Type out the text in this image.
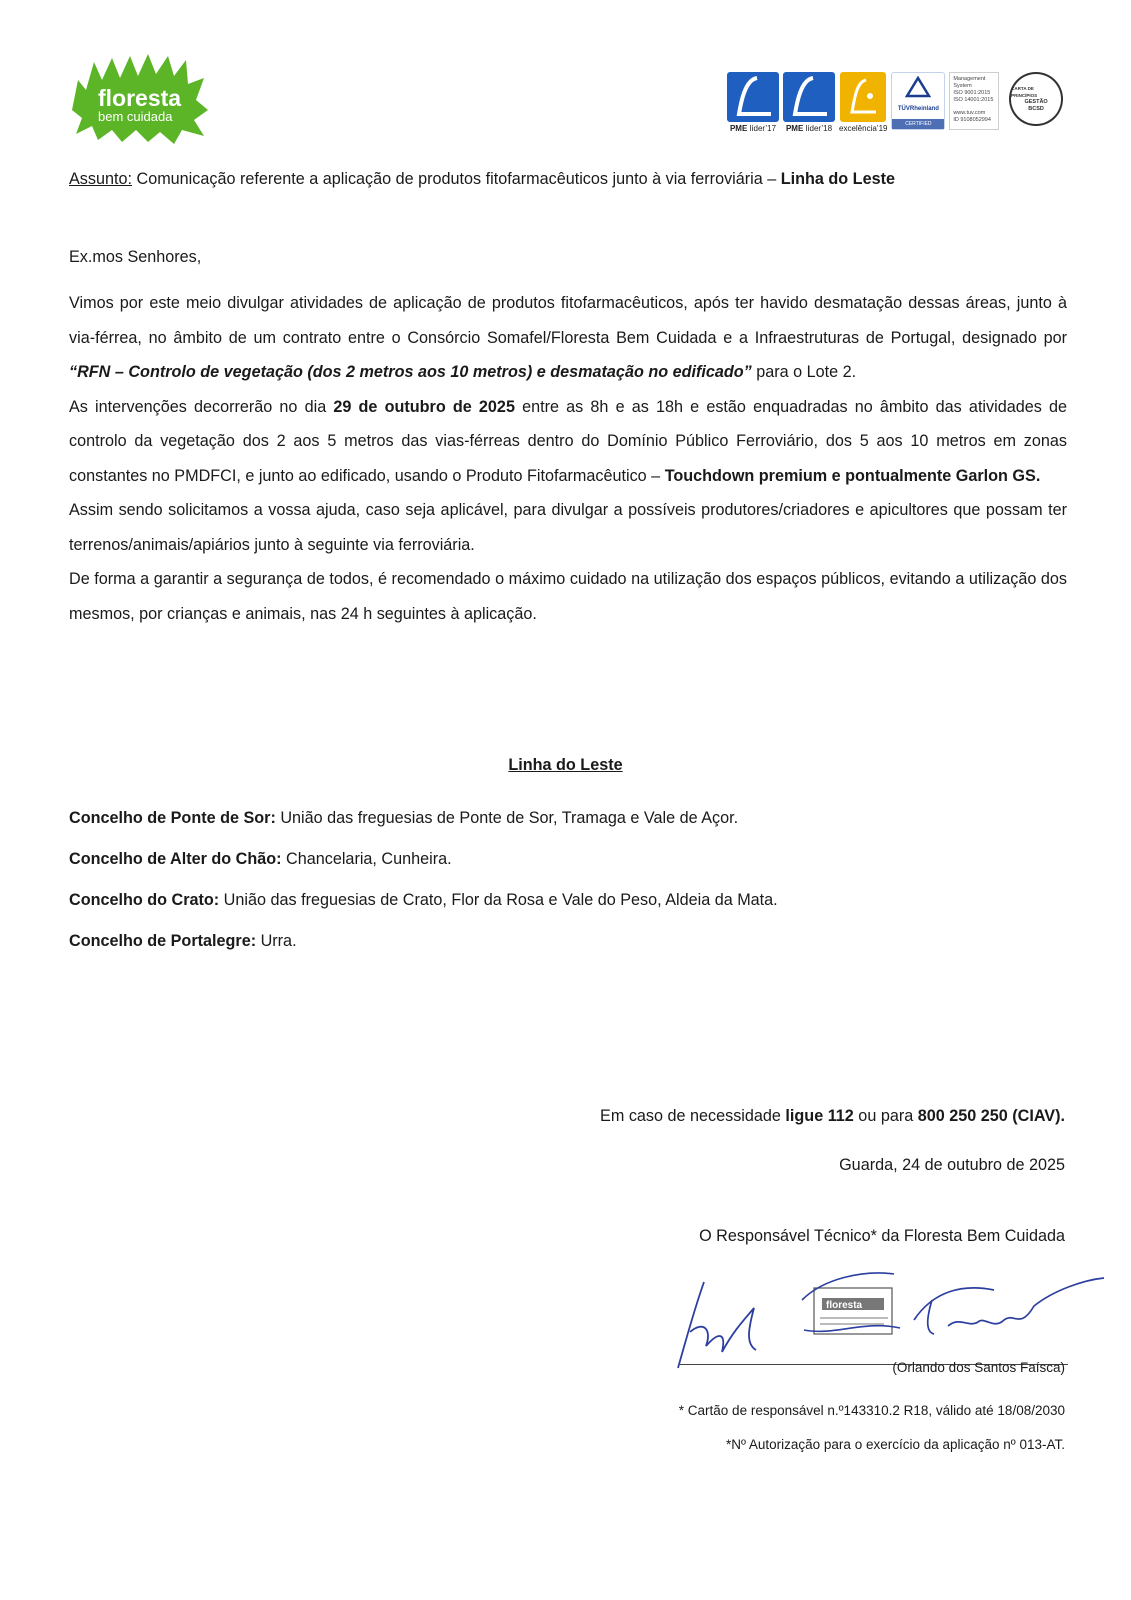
floresta
bem cuidada
PME líder’17 PME líder’18 excelência’19
TÜVRheinland
CERTIFIED
Management
System
ISO 9001:2015
ISO 14001:2015
www.tuv.com
ID 9108052994
CARTA DE PRINCÍPIOS
GESTÃO
BCSD
Assunto: Comunicação referente a aplicação de produtos fitofarmacêuticos junto à via ferroviária – Linha do Leste
Ex.mos Senhores,
Vimos por este meio divulgar atividades de aplicação de produtos fitofarmacêuticos, após ter havido desmatação dessas áreas, junto à via-férrea, no âmbito de um contrato entre o Consórcio Somafel/Floresta Bem Cuidada e a Infraestruturas de Portugal, designado por “RFN – Controlo de vegetação (dos 2 metros aos 10 metros) e desmatação no edificado” para o Lote 2.
As intervenções decorrerão no dia 29 de outubro de 2025 entre as 8h e as 18h e estão enquadradas no âmbito das atividades de controlo da vegetação dos 2 aos 5 metros das vias-férreas dentro do Domínio Público Ferroviário, dos 5 aos 10 metros em zonas constantes no PMDFCI, e junto ao edificado, usando o Produto Fitofarmacêutico – Touchdown premium e pontualmente Garlon GS.
Assim sendo solicitamos a vossa ajuda, caso seja aplicável, para divulgar a possíveis produtores/criadores e apicultores que possam ter terrenos/animais/apiários junto à seguinte via ferroviária.
De forma a garantir a segurança de todos, é recomendado o máximo cuidado na utilização dos espaços públicos, evitando a utilização dos mesmos, por crianças e animais, nas 24 h seguintes à aplicação.
Linha do Leste
Concelho de Ponte de Sor: União das freguesias de Ponte de Sor, Tramaga e Vale de Açor.
Concelho de Alter do Chão: Chancelaria, Cunheira.
Concelho do Crato: União das freguesias de Crato, Flor da Rosa e Vale do Peso, Aldeia da Mata.
Concelho de Portalegre: Urra.
Em caso de necessidade ligue 112 ou para 800 250 250 (CIAV).
Guarda, 24 de outubro de 2025
O Responsável Técnico* da Floresta Bem Cuidada
floresta
(Orlando dos Santos Faísca)
* Cartão de responsável n.º143310.2 R18, válido até 18/08/2030
*Nº Autorização para o exercício da aplicação nº 013-AT.
